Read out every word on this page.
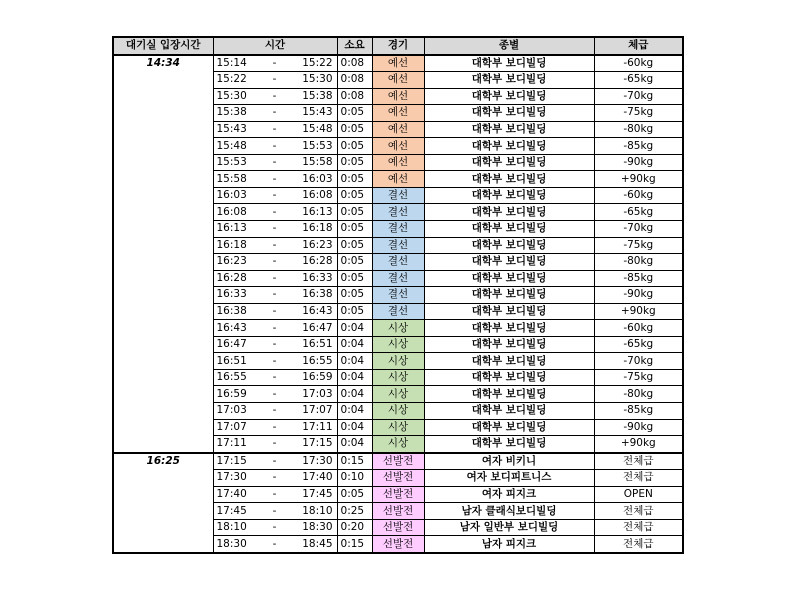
대기실 입장시간	시간			소요	경기	종별	체급
14:34	15:14	-	15:22	0:08	예선	대학부 보디빌딩	-60kg
	15:22	-	15:30	0:08	예선	대학부 보디빌딩	-65kg
	15:30	-	15:38	0:08	예선	대학부 보디빌딩	-70kg
	15:38	-	15:43	0:05	예선	대학부 보디빌딩	-75kg
	15:43	-	15:48	0:05	예선	대학부 보디빌딩	-80kg
	15:48	-	15:53	0:05	예선	대학부 보디빌딩	-85kg
	15:53	-	15:58	0:05	예선	대학부 보디빌딩	-90kg
	15:58	-	16:03	0:05	예선	대학부 보디빌딩	+90kg
	16:03	-	16:08	0:05	결선	대학부 보디빌딩	-60kg
	16:08	-	16:13	0:05	결선	대학부 보디빌딩	-65kg
	16:13	-	16:18	0:05	결선	대학부 보디빌딩	-70kg
	16:18	-	16:23	0:05	결선	대학부 보디빌딩	-75kg
	16:23	-	16:28	0:05	결선	대학부 보디빌딩	-80kg
	16:28	-	16:33	0:05	결선	대학부 보디빌딩	-85kg
	16:33	-	16:38	0:05	결선	대학부 보디빌딩	-90kg
	16:38	-	16:43	0:05	결선	대학부 보디빌딩	+90kg
	16:43	-	16:47	0:04	시상	대학부 보디빌딩	-60kg
	16:47	-	16:51	0:04	시상	대학부 보디빌딩	-65kg
	16:51	-	16:55	0:04	시상	대학부 보디빌딩	-70kg
	16:55	-	16:59	0:04	시상	대학부 보디빌딩	-75kg
	16:59	-	17:03	0:04	시상	대학부 보디빌딩	-80kg
	17:03	-	17:07	0:04	시상	대학부 보디빌딩	-85kg
	17:07	-	17:11	0:04	시상	대학부 보디빌딩	-90kg
	17:11	-	17:15	0:04	시상	대학부 보디빌딩	+90kg
16:25	17:15	-	17:30	0:15	선발전	여자 비키니	전체급
	17:30	-	17:40	0:10	선발전	여자 보디피트니스	전체급
	17:40	-	17:45	0:05	선발전	여자 피지크	OPEN
	17:45	-	18:10	0:25	선발전	남자 클래식보디빌딩	전체급
	18:10	-	18:30	0:20	선발전	남자 일반부 보디빌딩	전체급
	18:30	-	18:45	0:15	선발전	남자 피지크	전체급
